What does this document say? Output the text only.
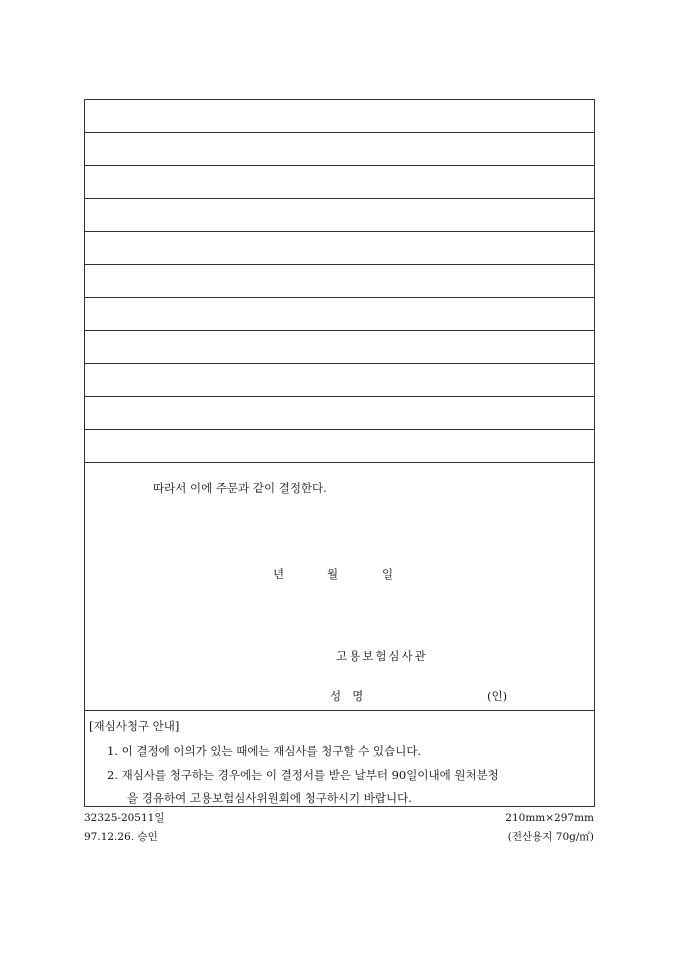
따라서 이에 주문과 같이 결정한다.
년	월	일
고용보험심사관
성   명	(인)
[재심사청구 안내]
1. 이 결정에 이의가 있는 때에는 재심사를 청구할 수 있습니다.
2. 재심사를 청구하는 경우에는 이 결정서를 받은 날부터 90일이내에 원처분청
을 경유하여 고용보험심사위원회에 청구하시기 바랍니다.
32325-20511일
97.12.26. 승인
210mm×297mm
(전산용지 70g/㎡)
